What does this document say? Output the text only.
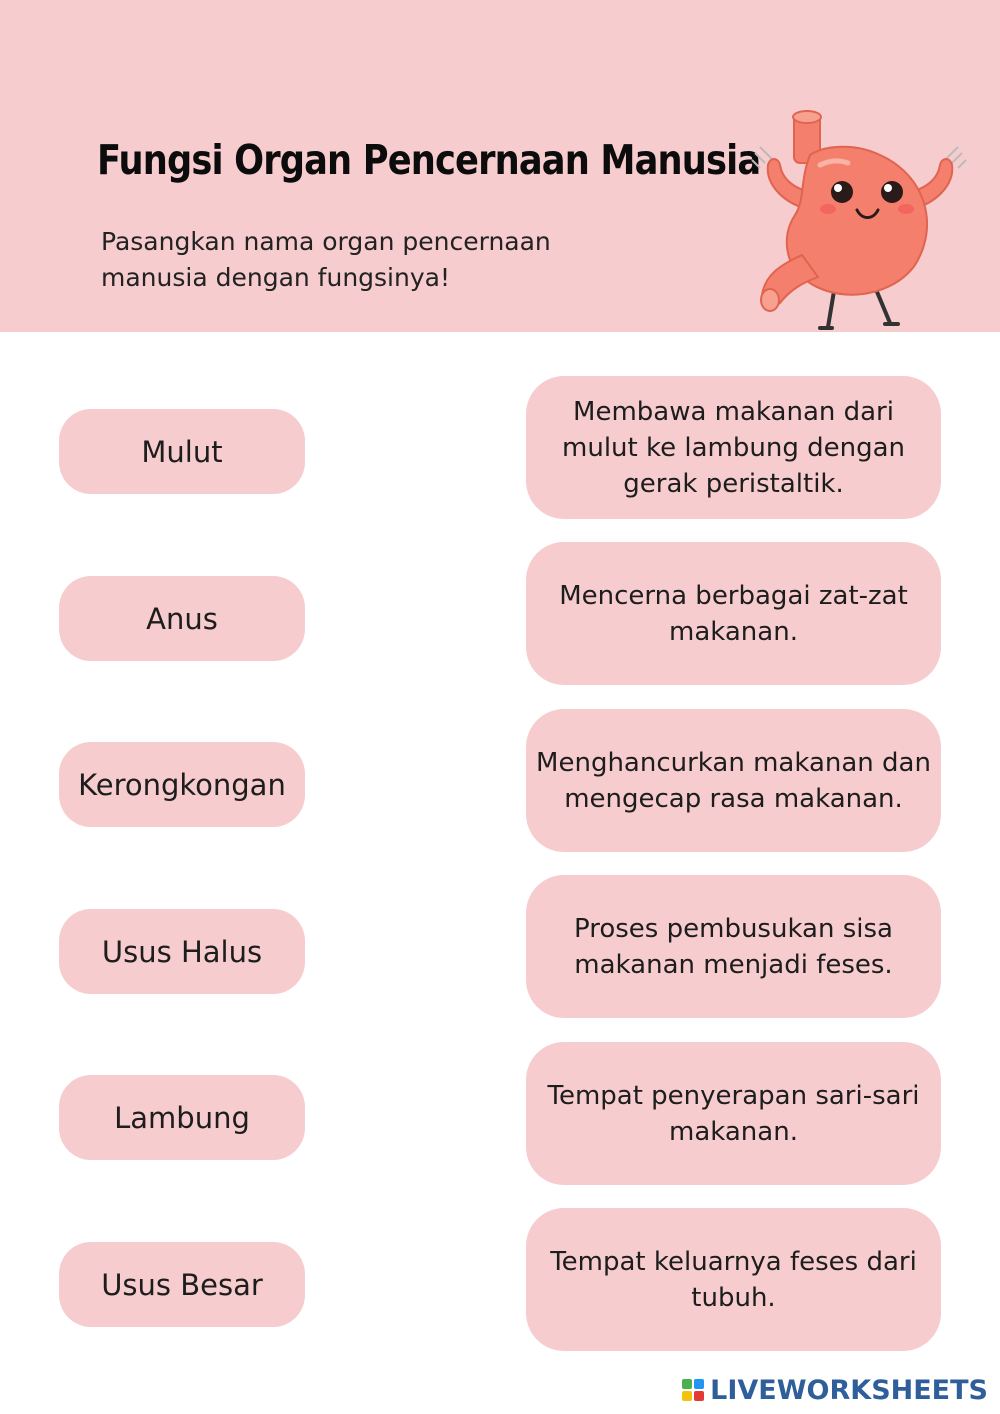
Fungsi Organ Pencernaan Manusia
Pasangkan nama organ pencernaan manusia dengan fungsinya!
Mulut
Anus
Kerongkongan
Usus Halus
Lambung
Usus Besar
Membawa makanan dari mulut ke lambung dengan gerak peristaltik.
Mencerna berbagai zat-zat makanan.
Menghancurkan makanan dan mengecap rasa makanan.
Proses pembusukan sisa makanan menjadi feses.
Tempat penyerapan sari-sari makanan.
Tempat keluarnya feses dari tubuh.
LIVEWORKSHEETS
